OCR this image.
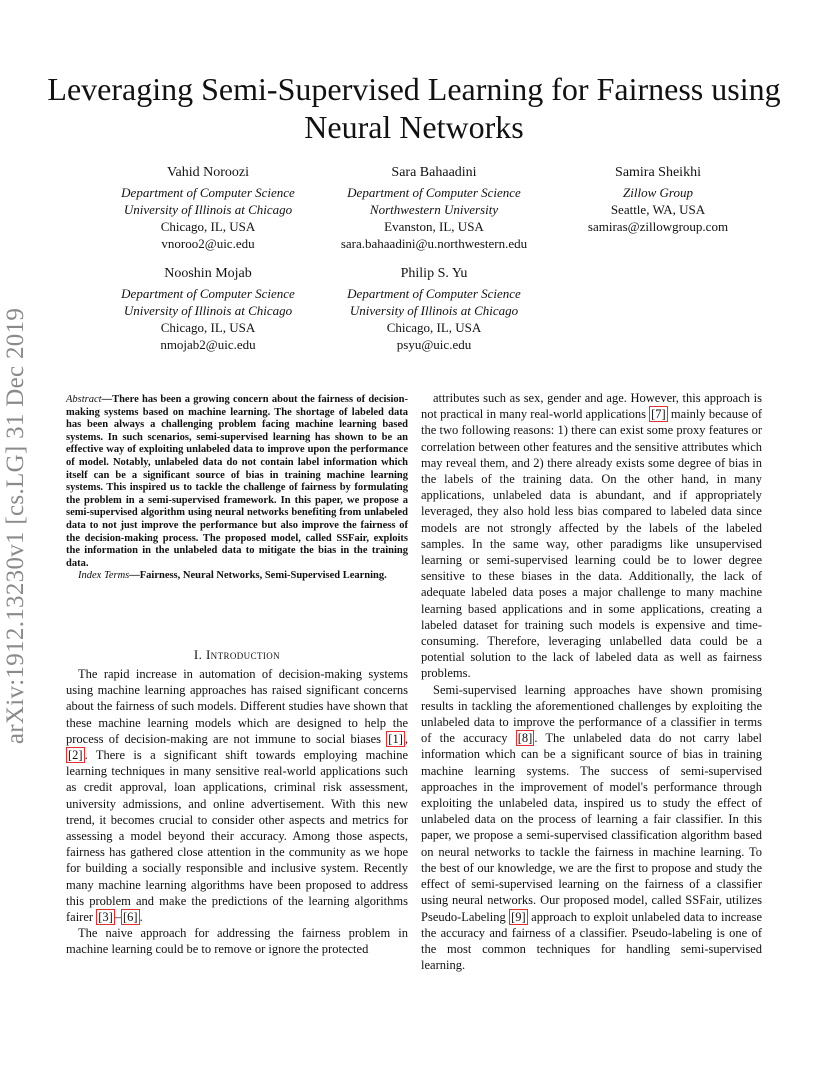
arXiv:1912.13230v1 [cs.LG] 31 Dec 2019
Leveraging Semi-Supervised Learning for Fairness using Neural Networks
Vahid Noroozi
Department of Computer Science
University of Illinois at Chicago
Chicago, IL, USA
vnoroo2@uic.edu
Sara Bahaadini
Department of Computer Science
Northwestern University
Evanston, IL, USA
sara.bahaadini@u.northwestern.edu
Samira Sheikhi
Zillow Group
Seattle, WA, USA
samiras@zillowgroup.com
Nooshin Mojab
Department of Computer Science
University of Illinois at Chicago
Chicago, IL, USA
nmojab2@uic.edu
Philip S. Yu
Department of Computer Science
University of Illinois at Chicago
Chicago, IL, USA
psyu@uic.edu

Abstract—There has been a growing concern about the fairness of decision-making systems based on machine learning. The shortage of labeled data has been always a challenging problem facing machine learning based systems. In such scenarios, semi-supervised learning has shown to be an effective way of exploiting unlabeled data to improve upon the performance of model. Notably, unlabeled data do not contain label information which itself can be a significant source of bias in training machine learning systems. This inspired us to tackle the challenge of fairness by formulating the problem in a semi-supervised framework. In this paper, we propose a semi-supervised algorithm using neural networks benefiting from unlabeled data to not just improve the performance but also improve the fairness of the decision-making process. The proposed model, called SSFair, exploits the information in the unlabeled data to mitigate the bias in the training data.

Index Terms—Fairness, Neural Networks, Semi-Supervised Learning.

I. Introduction

The rapid increase in automation of decision-making systems using machine learning approaches has raised significant concerns about the fairness of such models. Different studies have shown that these machine learning models which are designed to help the process of decision-making are not immune to social biases [1] , [2] . There is a significant shift towards employing machine learning techniques in many sensitive real-world applications such as credit approval, loan applications, criminal risk assessment, university admissions, and online advertisement. With this new trend, it becomes crucial to consider other aspects and metrics for assessing a model beyond their accuracy. Among those aspects, fairness has gathered close attention in the community as we hope for building a socially responsible and inclusive system. Recently many machine learning algorithms have been proposed to address this problem and make the predictions of the learning algorithms fairer [3] – [6] .

The naive approach for addressing the fairness problem in machine learning could be to remove or ignore the protected

attributes such as sex, gender and age. However, this approach is not practical in many real-world applications [7] mainly because of the two following reasons: 1) there can exist some proxy features or correlation between other features and the sensitive attributes which may reveal them, and 2) there already exists some degree of bias in the labels of the training data. On the other hand, in many applications, unlabeled data is abundant, and if appropriately leveraged, they also hold less bias compared to labeled data since models are not strongly affected by the labels of the labeled samples. In the same way, other paradigms like unsupervised learning or semi-supervised learning could be to lower degree sensitive to these biases in the data. Additionally, the lack of adequate labeled data poses a major challenge to many machine learning based applications and in some applications, creating a labeled dataset for training such models is expensive and time-consuming. Therefore, leveraging unlabelled data could be a potential solution to the lack of labeled data as well as fairness problems.

Semi-supervised learning approaches have shown promising results in tackling the aforementioned challenges by exploiting the unlabeled data to improve the performance of a classifier in terms of the accuracy [8] . The unlabeled data do not carry label information which can be a significant source of bias in training machine learning systems. The success of semi-supervised approaches in the improvement of model's performance through exploiting the unlabeled data, inspired us to study the effect of unlabeled data on the process of learning a fair classifier. In this paper, we propose a semi-supervised classification algorithm based on neural networks to tackle the fairness in machine learning. To the best of our knowledge, we are the first to propose and study the effect of semi-supervised learning on the fairness of a classifier using neural networks. Our proposed model, called SSFair, utilizes Pseudo-Labeling [9] approach to exploit unlabeled data to increase the accuracy and fairness of a classifier. Pseudo-labeling is one of the most common techniques for handling semi-supervised learning.
